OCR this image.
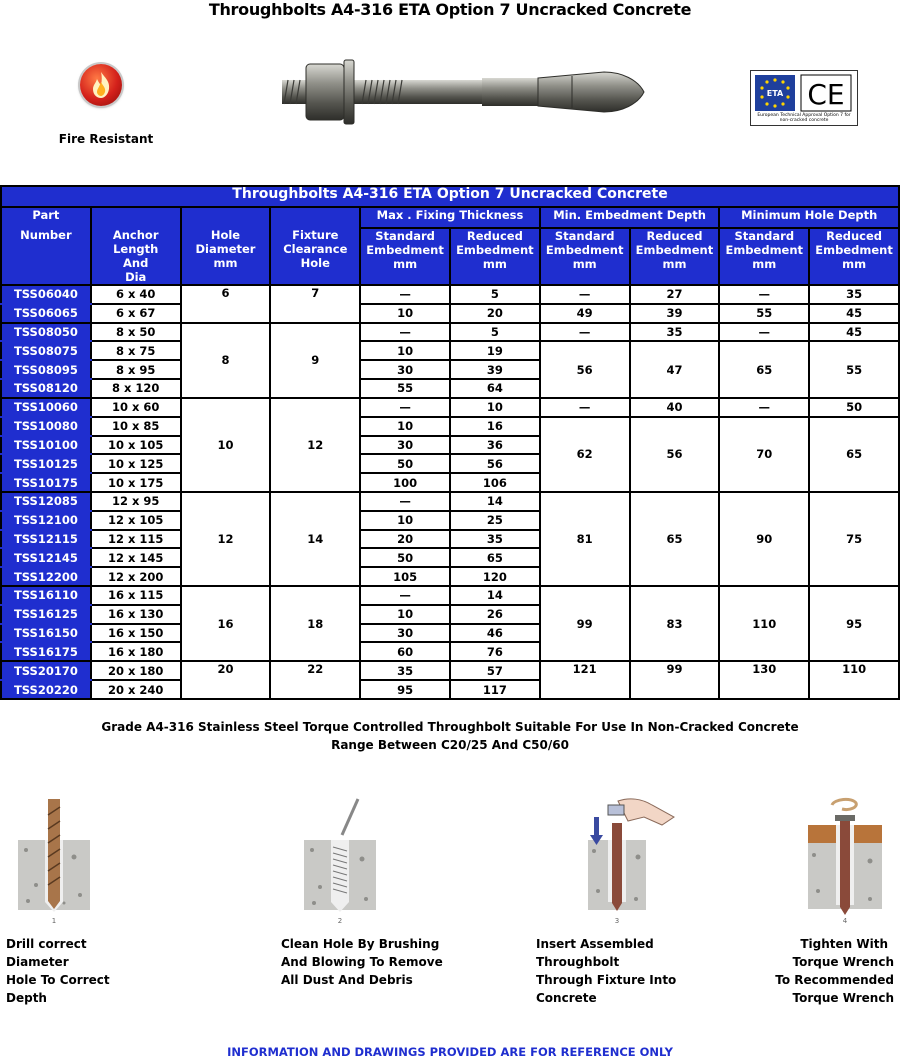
Throughbolts A4-316 ETA Option 7 Uncracked Concrete
Fire Resistant
ETA CE
European Technical Approval Option 7 for non-cracked concrete
Throughbolts A4-316 ETA Option 7 Uncracked Concrete									

Part
Number	Anchor Length And Dia	Hole Diameter mm	Fixture Clearance Hole	Max . Fixing Thickness		Min. Embedment Depth		Minimum Hole Depth	

				Standard Embedment mm	Reduced Embedment mm	Standard Embedment mm	Reduced Embedment mm	Standard Embedment mm	Reduced Embedment mm

TSS06040	6 x 40	6	7	—	5	—	27	—	35
TSS06065	6 x 67			10	20	49	39	55	45
TSS08050	8 x 50	8	9	—	5	—	35	—	45
TSS08075	8 x 75			10	19	56	47	65	55
TSS08095	8 x 95			30	39				
TSS08120	8 x 120			55	64				
TSS10060	10 x 60	10	12	—	10	—	40	—	50
TSS10080	10 x 85			10	16	62	56	70	65
TSS10100	10 x 105			30	36				
TSS10125	10 x 125			50	56				
TSS10175	10 x 175			100	106				
TSS12085	12 x 95	12	14	—	14	81	65	90	75
TSS12100	12 x 105			10	25				
TSS12115	12 x 115			20	35				
TSS12145	12 x 145			50	65				
TSS12200	12 x 200			105	120				
TSS16110	16 x 115	16	18	—	14	99	83	110	95
TSS16125	16 x 130			10	26				
TSS16150	16 x 150			30	46				
TSS16175	16 x 180			60	76				
TSS20170	20 x 180	20	22	35	57	121	99	130	110
TSS20220	20 x 240			95	117				
Grade A4-316 Stainless Steel Torque Controlled Throughbolt Suitable For Use In Non-Cracked Concrete
Range Between C20/25 And C50/60
1
Drill correct Diameter
Hole To Correct Depth
2
Clean Hole By Brushing
And Blowing To Remove
All Dust And Debris
3
Insert Assembled Throughbolt
Through Fixture Into Concrete
4
Tighten With
Torque Wrench
To Recommended
Torque Wrench
INFORMATION AND DRAWINGS PROVIDED ARE FOR REFERENCE ONLY
